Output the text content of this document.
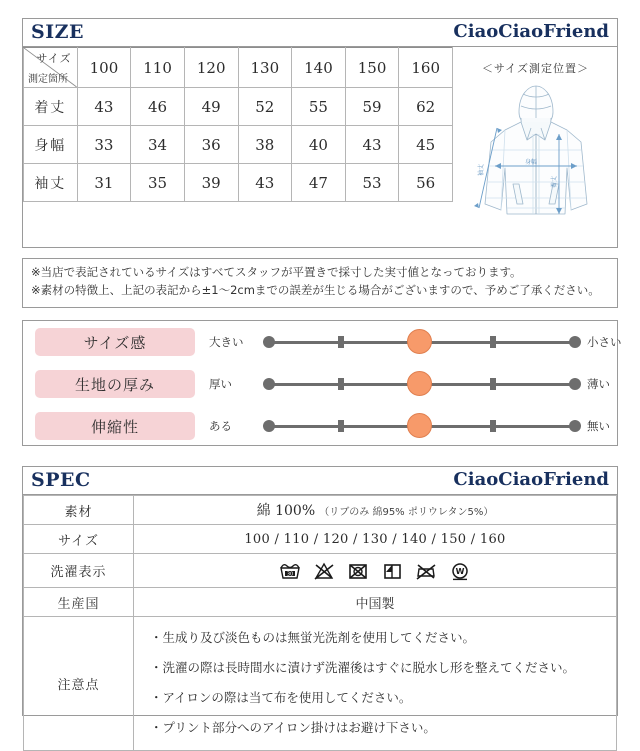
SIZE	CiaoCiaoFriend
サイズ
測定箇所	100	110	120	130	140	150	160
着丈	43	46	49	52	55	59	62
身幅	33	34	36	38	40	43	45
袖丈	31	35	39	43	47	53	56
＜サイズ測定位置＞
袖丈
身幅
着丈
※当店で表記されているサイズはすべてスタッフが平置きで採寸した実寸値となっております。
※素材の特徴上、上記の表記から±1～2cmまでの誤差が生じる場合がございますので、予めご了承ください。
サイズ感	大きい	小さい
生地の厚み	厚い	薄い
伸縮性	ある	無い
SPEC	CiaoCiaoFriend
素材	綿 100% （リブのみ 綿95% ポリウレタン5%）
サイズ	100 / 110 / 120 / 130 / 140 / 150 / 160
洗濯表示	30 W

生産国	中国製
注意点	・生成り及び淡色ものは無蛍光洗剤を使用してください。
・洗濯の際は長時間水に漬けず洗濯後はすぐに脱水し形を整えてください。
・アイロンの際は当て布を使用してください。
・プリント部分へのアイロン掛けはお避け下さい。
